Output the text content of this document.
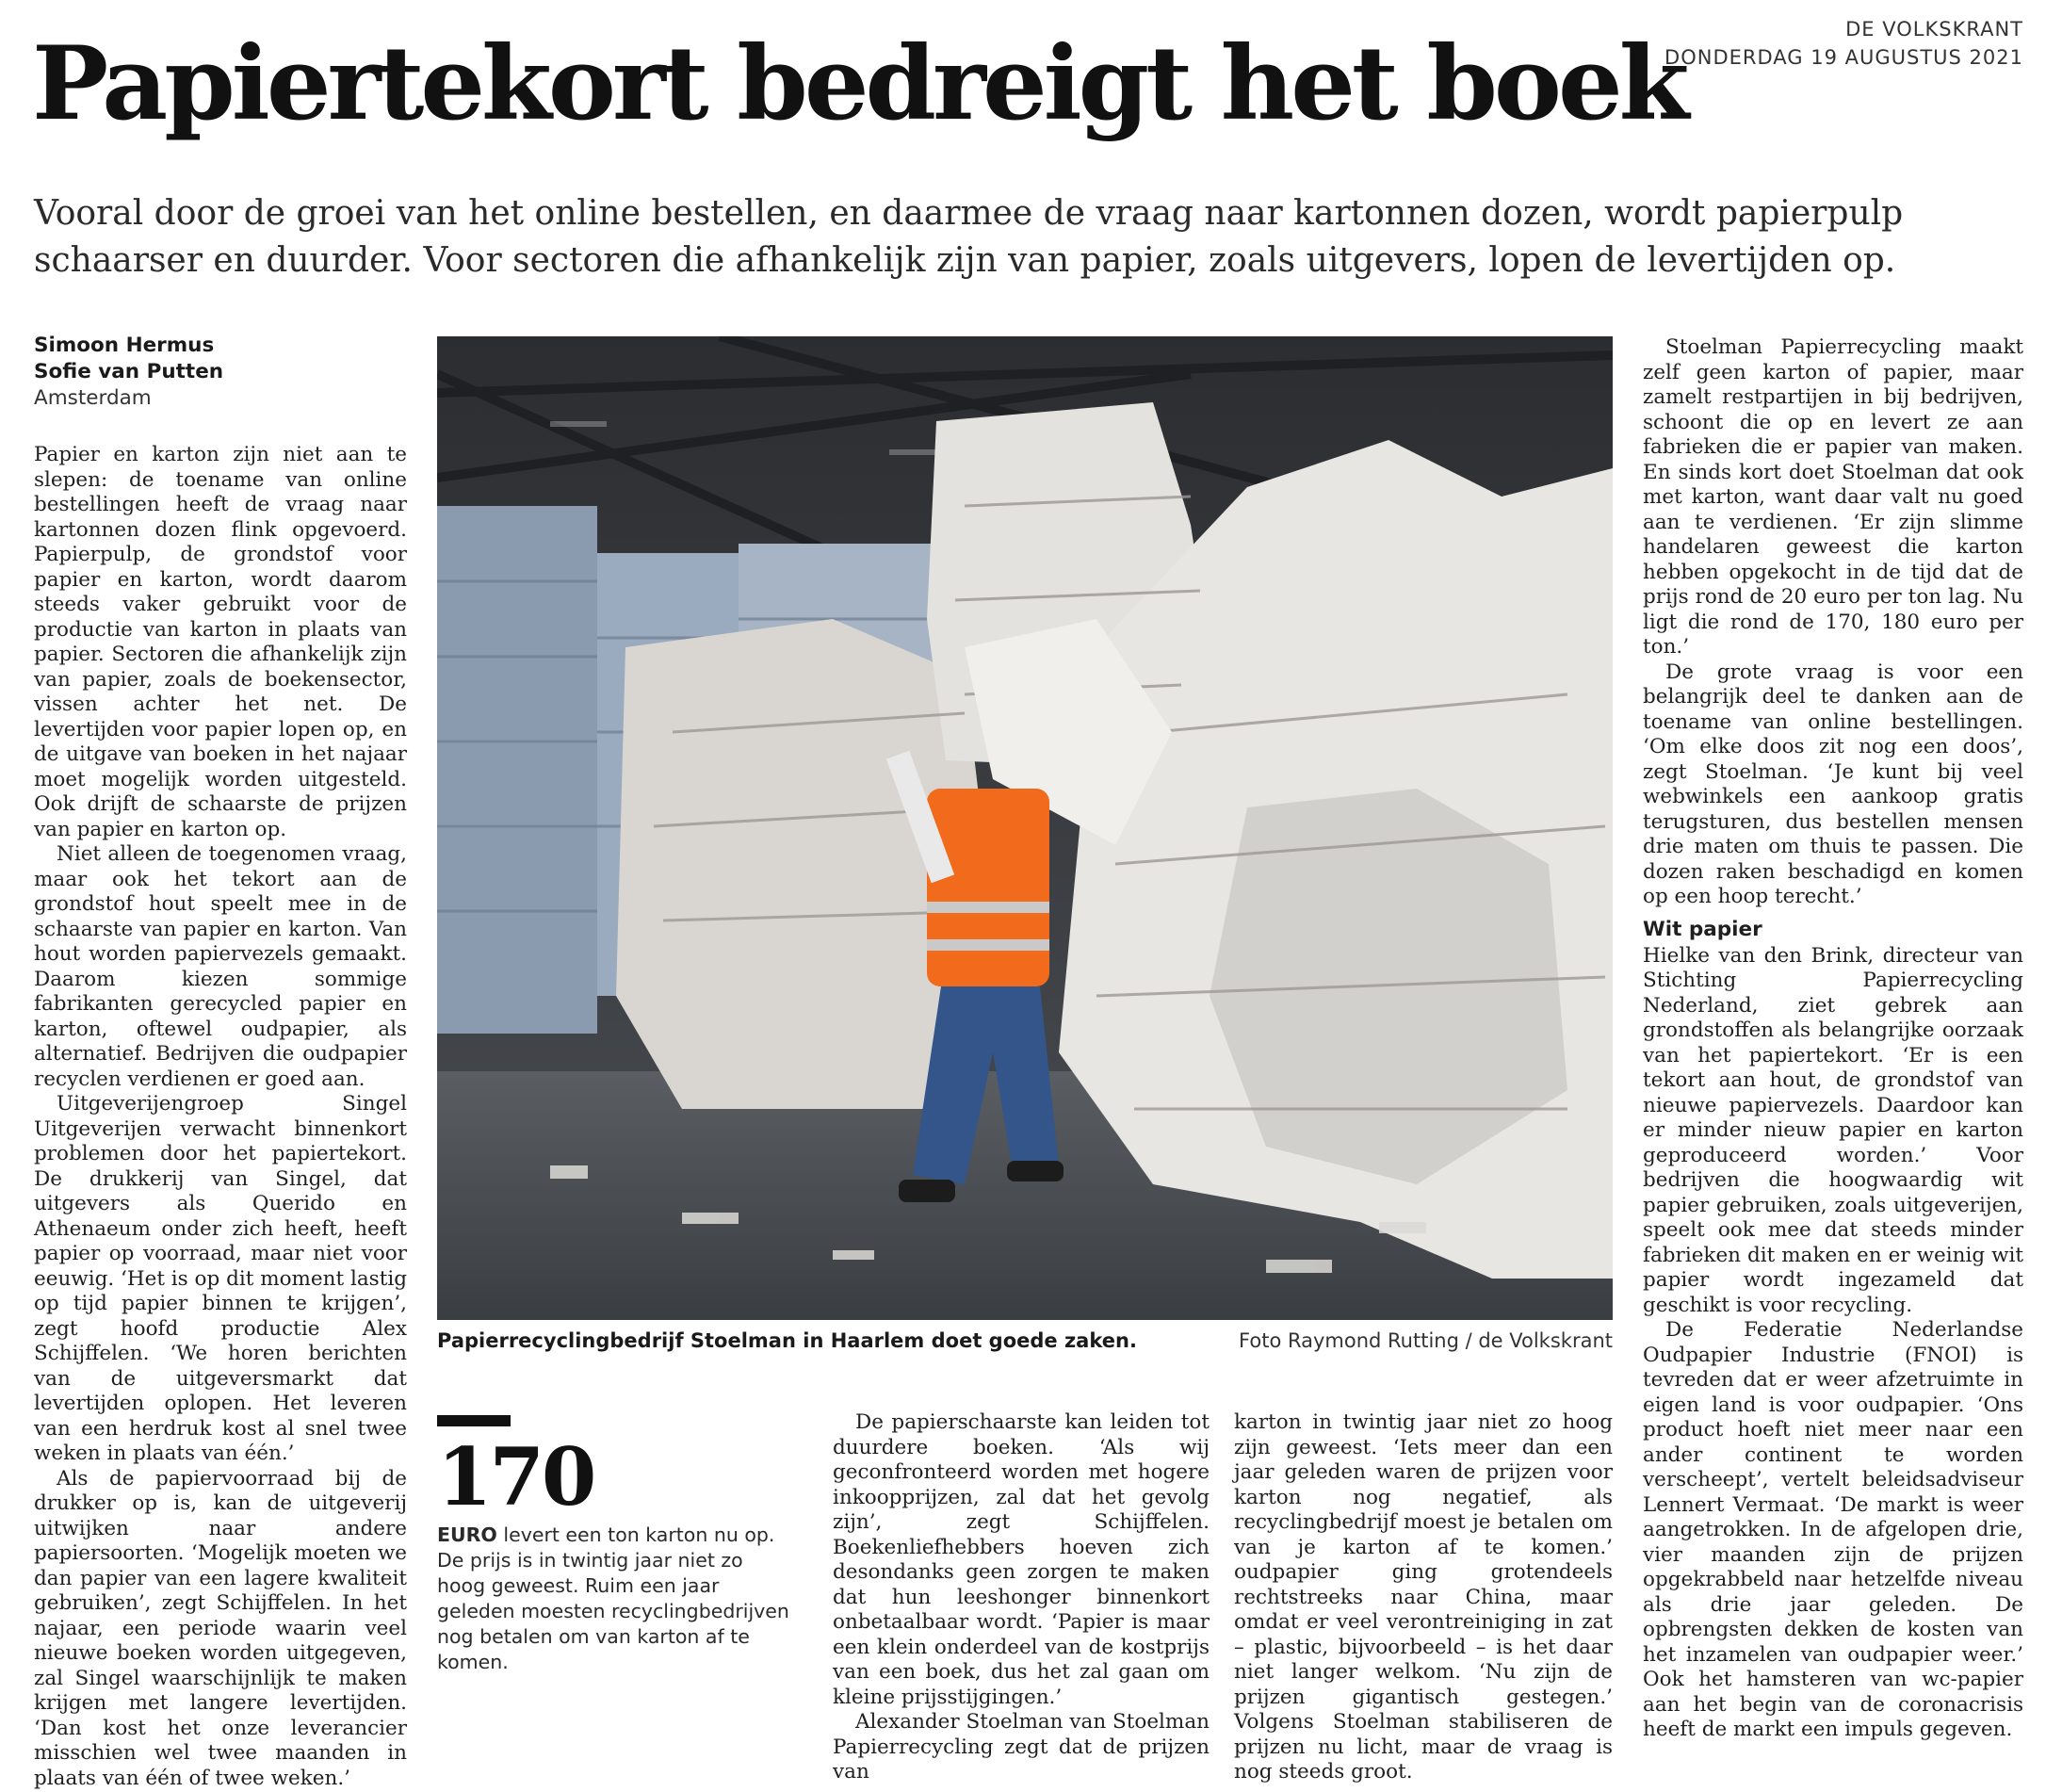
DE VOLKSKRANT
DONDERDAG 19 AUGUSTUS 2021
Papiertekort bedreigt het boek

Vooral door de groei van het online bestellen, en daarmee de vraag naar kartonnen dozen, wordt papierpulp schaarser en duurder. Voor sectoren die afhankelijk zijn van papier, zoals uitgevers, lopen de levertijden op.

Simoon Hermus
Sofie van Putten
Amsterdam

Papier en karton zijn niet aan te slepen: de toename van online bestellingen heeft de vraag naar kartonnen dozen flink opgevoerd. Papierpulp, de grondstof voor papier en karton, wordt daarom steeds vaker gebruikt voor de productie van karton in plaats van papier. Sectoren die afhankelijk zijn van papier, zoals de boekensector, vissen achter het net. De levertijden voor papier lopen op, en de uitgave van boeken in het najaar moet mogelijk worden uitgesteld. Ook drijft de schaarste de prijzen van papier en karton op.

Niet alleen de toegenomen vraag, maar ook het tekort aan de grondstof hout speelt mee in de schaarste van papier en karton. Van hout worden papiervezels gemaakt. Daarom kiezen sommige fabrikanten gerecycled papier en karton, oftewel oudpapier, als alternatief. Bedrijven die oudpapier recyclen verdienen er goed aan.

Uitgeverijengroep Singel Uitgeverijen verwacht binnenkort problemen door het papiertekort. De drukkerij van Singel, dat uitgevers als Querido en Athenaeum onder zich heeft, heeft papier op voorraad, maar niet voor eeuwig. ‘Het is op dit moment lastig op tijd papier binnen te krijgen’, zegt hoofd productie Alex Schijffelen. ‘We horen berichten van de uitgeversmarkt dat levertijden oplopen. Het leveren van een herdruk kost al snel twee weken in plaats van één.’

Als de papiervoorraad bij de drukker op is, kan de uitgeverij uitwijken naar andere papiersoorten. ‘Mogelijk moeten we dan papier van een lagere kwaliteit gebruiken’, zegt Schijffelen. In het najaar, een periode waarin veel nieuwe boeken worden uitgegeven, zal Singel waarschijnlijk te maken krijgen met langere levertijden. ‘Dan kost het onze leverancier misschien wel twee maanden in plaats van één of twee weken.’

Papierrecyclingbedrijf Stoelman in Haarlem doet goede zaken.	Foto Raymond Rutting / de Volkskrant
170
EURO levert een ton karton nu op. De prijs is in twintig jaar niet zo hoog geweest. Ruim een jaar geleden moesten recyclingbedrijven nog betalen om van karton af te komen.

De papierschaarste kan leiden tot duurdere boeken. ‘Als wij geconfronteerd worden met hogere inkoopprijzen, zal dat het gevolg zijn’, zegt Schijffelen. Boekenliefhebbers hoeven zich desondanks geen zorgen te maken dat hun leeshonger binnenkort onbetaalbaar wordt. ‘Papier is maar een klein onderdeel van de kostprijs van een boek, dus het zal gaan om kleine prijsstijgingen.’

Alexander Stoelman van Stoelman Papierrecycling zegt dat de prijzen van

karton in twintig jaar niet zo hoog zijn geweest. ‘Iets meer dan een jaar geleden waren de prijzen voor karton nog negatief, als recyclingbedrijf moest je betalen om van je karton af te komen.’ oudpapier ging grotendeels rechtstreeks naar China, maar omdat er veel verontreiniging in zat – plastic, bijvoorbeeld – is het daar niet langer welkom. ‘Nu zijn de prijzen gigantisch gestegen.’ Volgens Stoelman stabiliseren de prijzen nu licht, maar de vraag is nog steeds groot.

Stoelman Papierrecycling maakt zelf geen karton of papier, maar zamelt restpartijen in bij bedrijven, schoont die op en levert ze aan fabrieken die er papier van maken. En sinds kort doet Stoelman dat ook met karton, want daar valt nu goed aan te verdienen. ‘Er zijn slimme handelaren geweest die karton hebben opgekocht in de tijd dat de prijs rond de 20 euro per ton lag. Nu ligt die rond de 170, 180 euro per ton.’

De grote vraag is voor een belangrijk deel te danken aan de toename van online bestellingen. ‘Om elke doos zit nog een doos’, zegt Stoelman. ‘Je kunt bij veel webwinkels een aankoop gratis terugsturen, dus bestellen mensen drie maten om thuis te passen. Die dozen raken beschadigd en komen op een hoop terecht.’

Wit papier

Hielke van den Brink, directeur van Stichting Papierrecycling Nederland, ziet gebrek aan grondstoffen als belangrijke oorzaak van het papiertekort. ‘Er is een tekort aan hout, de grondstof van nieuwe papiervezels. Daardoor kan er minder nieuw papier en karton geproduceerd worden.’ Voor bedrijven die hoogwaardig wit papier gebruiken, zoals uitgeverijen, speelt ook mee dat steeds minder fabrieken dit maken en er weinig wit papier wordt ingezameld dat geschikt is voor recycling.

De Federatie Nederlandse Oudpapier Industrie (FNOI) is tevreden dat er weer afzetruimte in eigen land is voor oudpapier. ‘Ons product hoeft niet meer naar een ander continent te worden verscheept’, vertelt beleidsadviseur Lennert Vermaat. ‘De markt is weer aangetrokken. In de afgelopen drie, vier maanden zijn de prijzen opgekrabbeld naar hetzelfde niveau als drie jaar geleden. De opbrengsten dekken de kosten van het inzamelen van oudpapier weer.’ Ook het hamsteren van wc-papier aan het begin van de coronacrisis heeft de markt een impuls gegeven.
